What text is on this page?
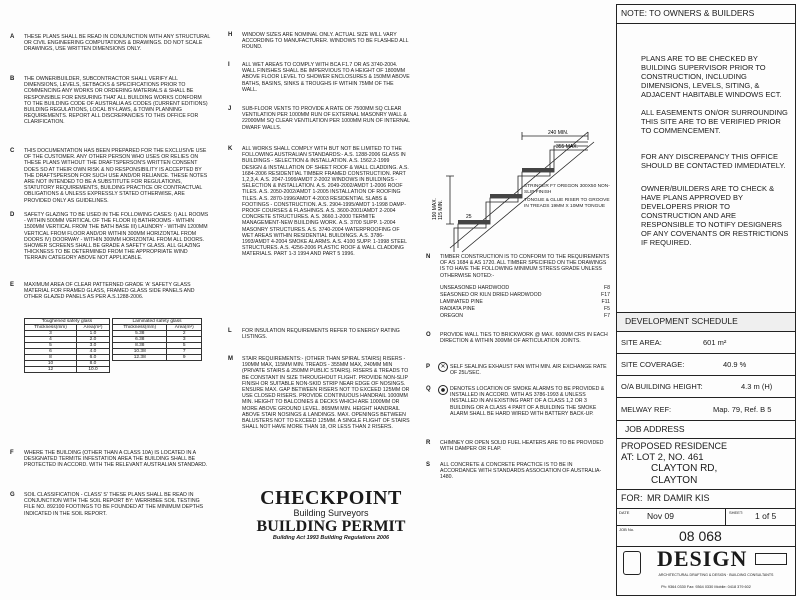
A THESE PLANS SHALL BE READ IN CONJUNCTION WITH ANY STRUCTURAL OR CIVIL ENGINEERING COMPUTATIONS & DRAWINGS. DO NOT SCALE DRAWINGS, USE WRITTEN DIMENSIONS ONLY.
B THE OWNER/BUILDER, SUBCONTRACTOR SHALL VERIFY ALL DIMENSIONS, LEVELS, SETBACKS & SPECIFICATIONS PRIOR TO COMMENCING ANY WORKS OR ORDERING MATERIALS & SHALL BE RESPONSIBLE FOR ENSURING THAT ALL BUILDING WORKS CONFORM TO THE BUILDING CODE OF AUSTRALIA AS CODES (CURRENT EDITIONS) BUILDING REGULATIONS, LOCAL BY-LAWS, & TOWN PLANNING REQUIREMENTS. REPORT ALL DISCREPANCIES TO THIS OFFICE FOR CLARIFICATION.
C THIS DOCUMENTATION HAS BEEN PREPARED FOR THE EXCLUSIVE USE OF THE CUSTOMER. ANY OTHER PERSON WHO USES OR RELIES ON THESE PLANS WITHOUT THE DRAFTSPERSON'S WRITTEN CONSENT DOES SO AT THEIR OWN RISK & NO RESPONSIBILITY IS ACCEPTED BY THE DRAFTSPERSON FOR SUCH USE AND/OR RELIANCE. THESE NOTES ARE NOT INTENDED TO BE A SUBSTITUTE FOR REGULATIONS, STATUTORY REQUIREMENTS, BUILDING PRACTICE OR CONTRACTUAL OBLIGATIONS & UNLESS EXPRESSLY STATED OTHERWISE, ARE PROVIDED ONLY AS GUIDELINES.
D SAFETY GLAZING TO BE USED IN THE FOLLOWING CASES: I) ALL ROOMS - WITHIN 500MM VERTICAL OF THE FLOOR II) BATHROOMS - WITHIN 1500MM VERTICAL FROM THE BATH BASE III) LAUNDRY - WITHIN 1200MM VERTICAL FROM FLOOR AND/OR WITHIN 300MM HORIZONTAL FROM DOORS IV) DOORWAY - WITHIN 300MM HORIZONTAL FROM ALL DOORS. SHOWER SCREENS SHALL BE GRADE A SAFETY GLASS. ALL GLAZING THICKNESS TO BE DETERMINED FROM THE APPROPRIATE WIND TERRAIN CATEGORY ABOVE NOT APPLICABLE.
E MAXIMUM AREA OF CLEAR PATTERNED GRADE 'A' SAFETY GLASS MATERIAL FOR FRAMED GLASS, FRAMED GLASS SIDE PANELS AND OTHER GLAZED PANELS AS PER A.S.1288-2006.
Toughened safety glass	
Thickness(mm)	Area(m²)
3	1.0
4	2.0
5	3.0
6	4.0
8	6.0
10	8.0
12	10.0
Laminated safety glass	
Thickness(mm)	Area(m²)
5.38	2
6.38	3
8.38	5
10.38	7
12.38	9
F WHERE THE BUILDING (OTHER THAN A CLASS 10A) IS LOCATED IN A DESIGNATED TERMITE INFESTATION AREA THE BUILDING SHALL BE PROTECTED IN ACCORD. WITH THE RELEVANT AUSTRALIAN STANDARD.
G SOIL CLASSIFICATION - CLASS' S' THESE PLANS SHALL BE READ IN CONJUNCTION WITH THE SOIL REPORT BY: WERRIBEE SOIL TESTING FILE NO. 892100 FOOTINGS TO BE FOUNDED AT THE MINIMUM DEPTHS INDICATED IN THE SOIL REPORT.
H WINDOW SIZES ARE NOMINAL ONLY. ACTUAL SIZE WILL VARY ACCORDING TO MANUFACTURER. WINDOWS TO BE FLASHED ALL ROUND.
I ALL WET AREAS TO COMPLY WITH BCA F1.7 OR AS 3740-2004. WALL FINISHES SHALL BE IMPERVIOUS TO A HEIGHT OF 1800MM ABOVE FLOOR LEVEL TO SHOWER ENCLOSURES & 150MM ABOVE BATHS, BASINS, SINKS & TROUGHS IF WITHIN 75MM OF THE WALL.
J SUB-FLOOR VENTS TO PROVIDE A RATE OF 7500MM SQ CLEAR VENTILATION PER 1000MM RUN OF EXTERNAL MASONRY WALL & 22000MM SQ CLEAR VENTILATION PER 1000MM RUN OF INTERNAL DWARF WALLS.
K ALL WORKS SHALL COMPLY WITH BUT NOT BE LIMITED TO THE FOLLOWING AUSTRALIAN STANDARDS:- A.S. 1288-2006 GLASS IN BUILDINGS - SELECTION & INSTALLATION. A.S. 1562.2-1999 DESIGN & INSTALLATION OF SHEET ROOF & WALL CLADDING. A.S. 1684-2006 RESIDENTIAL TIMBER FRAMED CONSTRUCTION. PART 1,2,3,4. A.S. 2047-1999/AMDT 2-2002 WINDOWS IN BUILDINGS - SELECTION & INSTALLATION. A.S. 2049-2002/AMDT 1-2006 ROOF TILES. A.S. 2050-2002/AMDT 1-2005 INSTALLATION OF ROOFING TILES. A.S. 2870-1996/AMDT 4-2003 RESIDENTIAL SLABS & FOOTINGS - CONSTRUCTION. A.S. 2904-1995/AMDT 1-1998 DAMP-PROOF COURSES & FLASHINGS. A.S. 3600-2001/AMDT 2-2004 CONCRETE STRUCTURES. A.S. 3660.1-2000 TERMITE MANAGEMENT-NEW BUILDING WORK. A.S. 3700 SUPP. 1-2004 MASONRY STRUCTURES. A.S. 3740-2004 WATERPROOFING OF WET AREAS WITHIN RESIDENTIAL BUILDINGS. A.S. 3786-1993/AMDT 4-2004 SMOKE ALARMS. A.S. 4100 SUPP. 1-1998 STEEL STRUCTURES. A.S. 4256-2006 PLASTIC ROOF & WALL CLADDING MATERIALS. PART 1-3 1994 AND PART 5 1996.
L FOR INSULATION REQUIREMENTS REFER TO ENERGY RATING LISTINGS.
M STAIR REQUIREMENTS:- (OTHER THAN SPIRAL STAIRS) RISERS - 190MM MAX, 115MM MIN. TREADS - 355MM MAX, 240MM MIN (PRIVATE STAIRS & 250MM PUBLIC STAIRS). RISERS & TREADS TO BE CONSTANT IN SIZE THROUGHOUT FLIGHT. PROVIDE NON-SLIP FINISH OR SUITABLE NON-SKID STRIP NEAR EDGE OF NOSINGS. ENSURE MAX. GAP BETWEEN RISERS NOT TO EXCEED 125MM OR USE CLOSED RISERS. PROVIDE CONTINUOUS HANDRAIL 1000MM MIN. HEIGHT TO BALCONIES & DECKS WHICH ARE 1000MM OR MORE ABOVE GROUND LEVEL. 865MM MIN. HEIGHT HANDRAIL ABOVE STAIR NOSINGS & LANDINGS. MAX. OPENINGS BETWEEN BALUSTERS NOT TO EXCEED 125MM. A SINGLE FLIGHT OF STAIRS SHALL NOT HAVE MORE THAN 18, OR LESS THAN 2 RISERS.
CHECKPOINT
Building Surveyors
BUILDING PERMIT
Building Act 1993 Building Regulations 2006
240 MIN.
355 MAX.
25
190 MAX. 115 MIN.
STRINGER F7 OREGON 300X50 NON-SLIP FINISH
TONGUE & GLUE RISER TO GROOVE IN TREADS 19MM X 10MM TONGUE
N TIMBER CONSTRUCTION IS TO CONFORM TO THE REQUIREMENTS OF AS 1684 & AS 1720. ALL TIMBER SPECIFIED ON THE DRAWINGS IS TO HAVE THE FOLLOWING MINIMUM STRESS GRADE UNLESS OTHERWISE NOTED:-
UNSEASONED HARDWOOD	F8
SEASONED OR KILN DRIED HARDWOOD	F17
LAMINATED PINE	F11
RADIATA PINE	F5
OREGON	F7
O PROVIDE WALL TIES TO BRICKWORK @ MAX. 600MM CRS IN EACH DIRECTION & WITHIN 300MM OF ARTICULATION JOINTS.
P	✕ SELF SEALING EXHAUST FAN WITH MIN. AIR EXCHANGE RATE OF 25L/SEC.
Q	DENOTES LOCATION OF SMOKE ALARMS TO BE PROVIDED & INSTALLED IN ACCORD. WITH AS 3786-1993 & UNLESS INSTALLED IN AN EXISTING PART OF A CLASS 1,2 OR 3 BUILDING OR A CLASS 4 PART OF A BUILDING THE SMOKE ALARM SHALL BE HARD WIRED WITH BATTERY BACK-UP.
R CHIMNEY OR OPEN SOLID FUEL HEATERS ARE TO BE PROVIDED WITH DAMPER OR FLAP.
S ALL CONCRETE & CONCRETE PRACTICE IS TO BE IN ACCORDANCE WITH STANDARDS ASSOCIATION OF AUSTRALIA-1480.
NOTE: TO OWNERS & BUILDERS
PLANS ARE TO BE CHECKED BY BUILDING SUPERVISOR PRIOR TO CONSTRUCTION, INCLUDING DIMENSIONS, LEVELS, SITING, & ADJACENT HABITABLE WINDOWS ECT.
ALL EASEMENTS ON/OR SURROUNDING THIS SITE ARE TO BE VERIFIED PRIOR TO COMMENCEMENT.
FOR ANY DISCREPANCY THIS OFFICE SHOULD BE CONTACTED IMMEDIATELY.
OWNER/BUILDERS ARE TO CHECK & HAVE PLANS APPROVED BY DEVELOPERS PRIOR TO CONSTRUCTION AND ARE RESPONSIBLE TO NOTIFY DESIGNERS OF ANY COVENANTS OR RESTRICTIONS IF REQUIRED.
DEVELOPMENT SCHEDULE
SITE AREA:	601 m²
SITE COVERAGE:	40.9 %
O/A BUILDING HEIGHT:	4.3 m (H)
MELWAY REF:	Map. 79, Ref. B 5
JOB ADDRESS
PROPOSED RESIDENCE
AT: LOT 2, NO. 461
CLAYTON RD,
CLAYTON
FOR: MR DAMIR KIS
DATE Nov 09	SHEET: 1 of 5
JOB No.	08 068
DESIGN
ARCHITECTURAL DRAFTING & DESIGN · BUILDING CONSULTANTS
Ph: 9364 0330 Fax: 9364 0330 Mobile: 0418 379 602
